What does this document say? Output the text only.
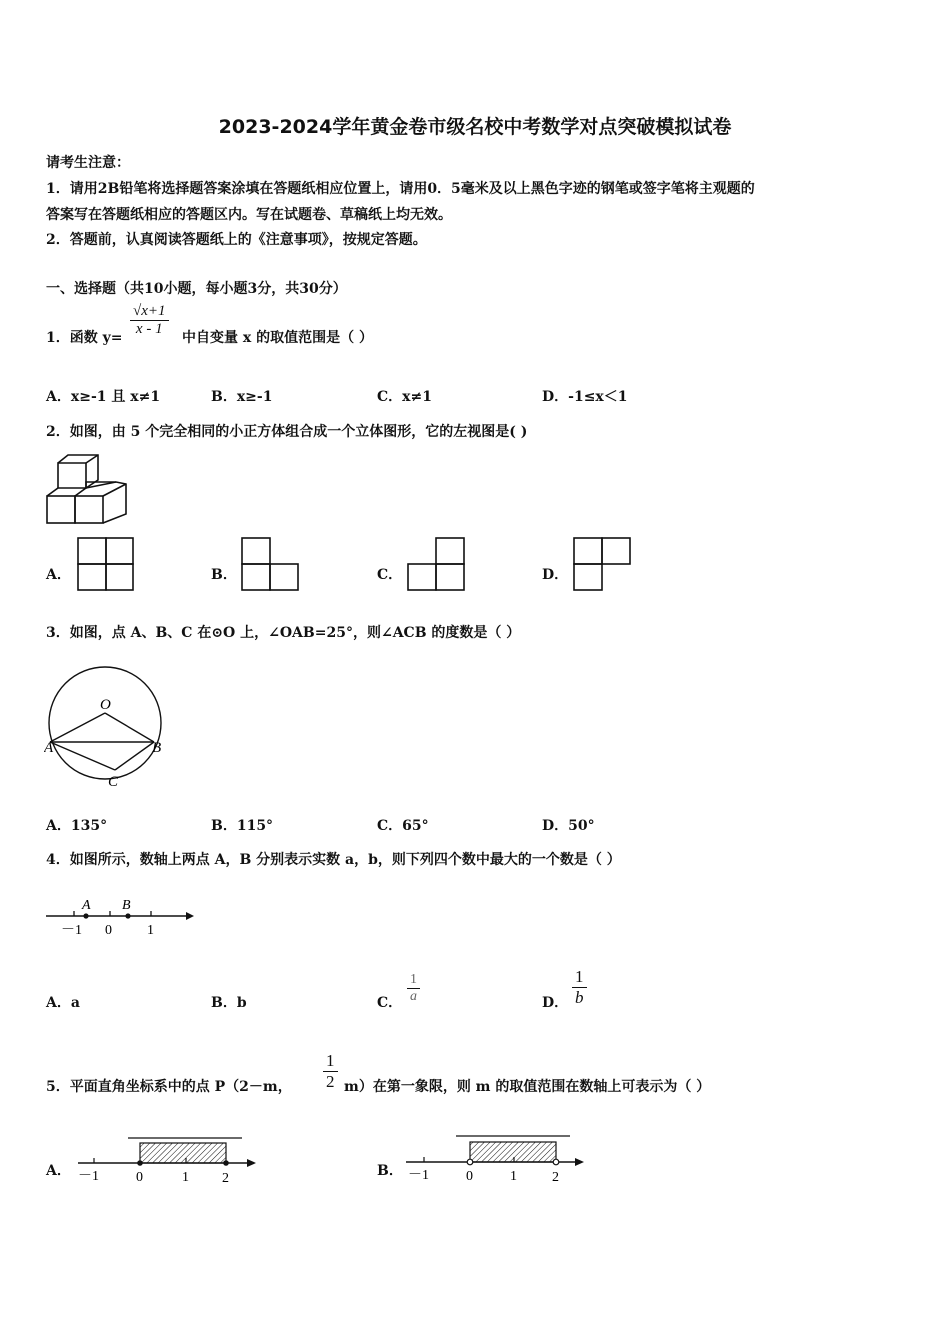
2023-2024学年黄金卷市级名校中考数学对点突破模拟试卷
请考生注意：
1．请用2B铅笔将选择题答案涂填在答题纸相应位置上，请用0．5毫米及以上黑色字迹的钢笔或签字笔将主观题的
答案写在答题纸相应的答题区内。写在试题卷、草稿纸上均无效。
2．答题前，认真阅读答题纸上的《注意事项》，按规定答题。
一、选择题（共10小题，每小题3分，共30分）
1．函数 $y= \frac{√x+1}{x - 1}$ 中自变量 x 的取值范围是（ ）
A．x≥-1 且 x≠1	B．x≥-1	C．x≠1	D．-1≤x＜1
2．如图，由 5 个完全相同的小正方体组合成一个立体图形，它的左视图是( )
A．	B．	C．	D．
3．如图，点 A、B、C 在⊙O 上，∠OAB=25°，则∠ACB 的度数是（ ）
O
A	B
C
A．135°	B．115°	C．65°	D．50°
4．如图所示，数轴上两点 A，B 分别表示实数 a，b，则下列四个数中最大的一个数是（ ）
A B
－1 0	1
A．a	B．b	C． $\frac{1}{a}$	D． $\frac{1}{b}$
5．平面直角坐标系中的点 P（2－m， $\frac{1}{2} m$）在第一象限，则 m 的取值范围在数轴上可表示为（ ）
A． －1	0	1 2	B． －1	0	1	2
